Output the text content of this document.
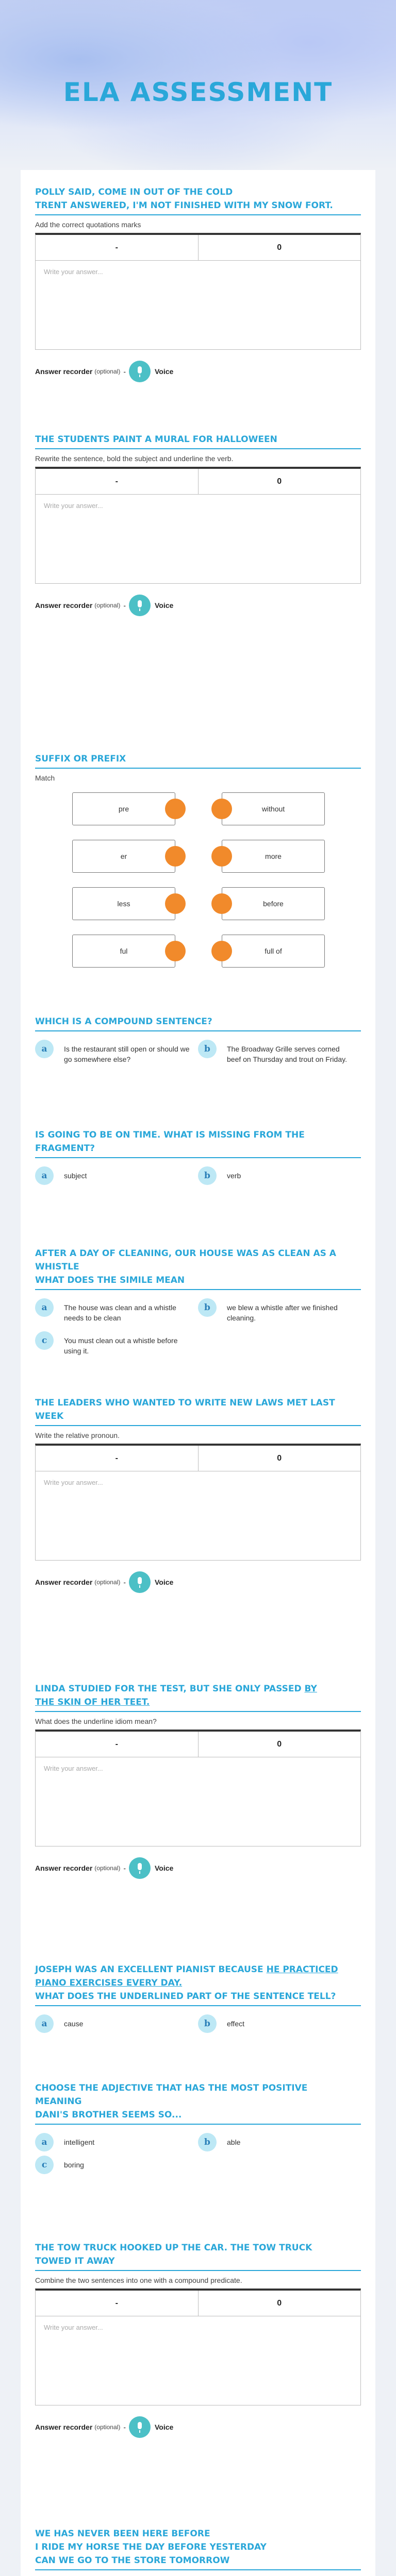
ELA ASSESSMENT
POLLY SAID, COME IN OUT OF THE COLD
TRENT ANSWERED, I'M NOT FINISHED WITH MY SNOW FORT.
Add the correct quotations marks
-	0
Write your answer...
Answer recorder (optional) -	Voice
THE STUDENTS PAINT A MURAL FOR HALLOWEEN
Rewrite the sentence, bold the subject and underline the verb.
-	0
Write your answer...
Answer recorder (optional) -	Voice
SUFFIX OR PREFIX
Match
pre	without
er	more
less	before
ful	full of
WHICH IS A COMPOUND SENTENCE?
a	Is the restaurant still open or should we go somewhere else?
b	The Broadway Grille serves corned beef on Thursday and trout on Friday.
IS GOING TO BE ON TIME. WHAT IS MISSING FROM THE
FRAGMENT?
a	subject	b	verb
AFTER A DAY OF CLEANING, OUR HOUSE WAS AS CLEAN AS A
WHISTLE
WHAT DOES THE SIMILE MEAN
a	The house was clean and a whistle needs to be clean
b	we blew a whistle after we finished cleaning.
c	You must clean out a whistle before using it.
THE LEADERS WHO WANTED TO WRITE NEW LAWS MET LAST
WEEK
Write the relative pronoun.
-	0
Write your answer...
Answer recorder (optional) -	Voice
LINDA STUDIED FOR THE TEST, BUT SHE ONLY PASSED BY
THE SKIN OF HER TEET.
What does the underline idiom mean?
-	0
Write your answer...
Answer recorder (optional) -	Voice
JOSEPH WAS AN EXCELLENT PIANIST BECAUSE HE PRACTICED
PIANO EXERCISES EVERY DAY.
WHAT DOES THE UNDERLINED PART OF THE SENTENCE TELL?
a	cause	b	effect
CHOOSE THE ADJECTIVE THAT HAS THE MOST POSITIVE
MEANING
DANI'S BROTHER SEEMS SO...
a	intelligent	b	able
c	boring
THE TOW TRUCK HOOKED UP THE CAR. THE TOW TRUCK
TOWED IT AWAY
Combine the two sentences into one with a compound predicate.
-	0
Write your answer...
Answer recorder (optional) -	Voice
WE HAS NEVER BEEN HERE BEFORE
I RIDE MY HORSE THE DAY BEFORE YESTERDAY
CAN WE GO TO THE STORE TOMORROW
